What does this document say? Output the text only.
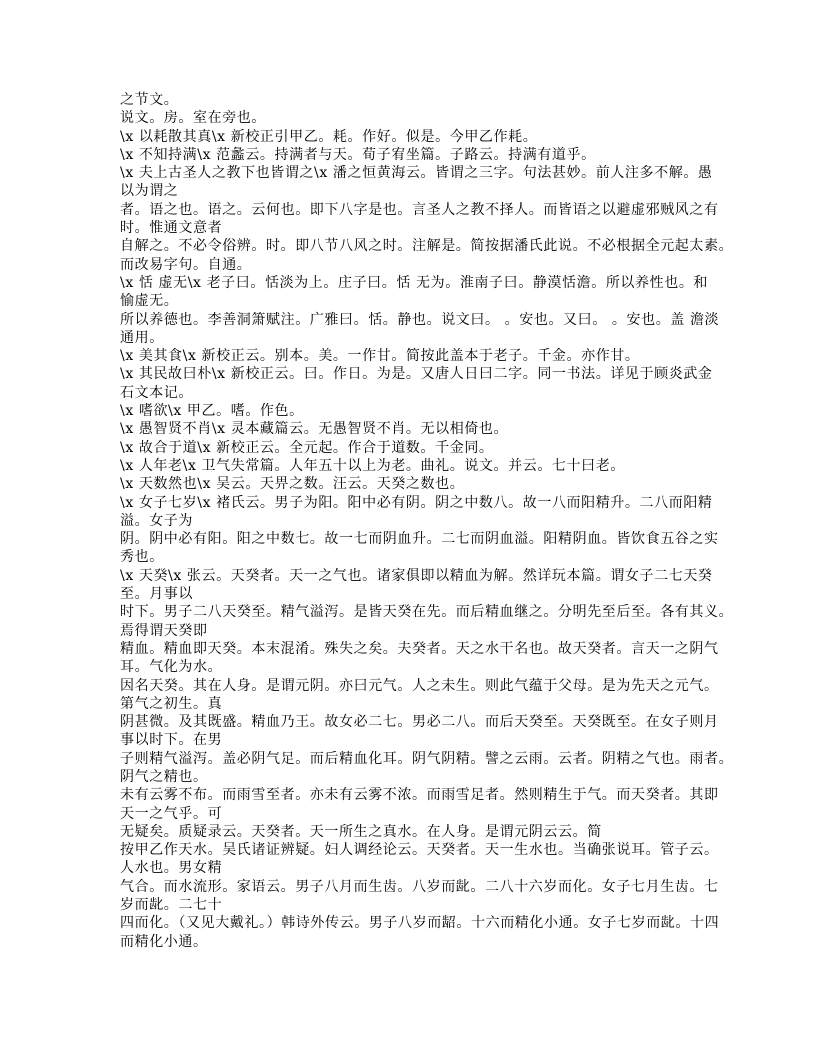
之节文。
说文。房。室在旁也。
\x 以耗散其真\x 新校正引甲乙。耗。作好。似是。今甲乙作耗。
\x 不知持满\x 范蠡云。持满者与天。荀子宥坐篇。子路云。持满有道乎。
\x 夫上古圣人之教下也皆谓之\x 潘之恒黄海云。皆谓之三字。句法甚妙。前人注多不解。愚
以为谓之
者。语之也。语之。云何也。即下八字是也。言圣人之教不择人。而皆语之以避虚邪贼风之有
时。惟通文意者
自解之。不必令俗辨。时。即八节八风之时。注解是。简按据潘氏此说。不必根据全元起太素。
而改易字句。自通。
\x 恬 虚无\x 老子曰。恬淡为上。庄子曰。恬 无为。淮南子曰。静漠恬澹。所以养性也。和
愉虚无。
所以养德也。李善洞箫赋注。广雅曰。恬。静也。说文曰。 。安也。又曰。 。安也。盖 澹淡
通用。
\x 美其食\x 新校正云。别本。美。一作甘。简按此盖本于老子。千金。亦作甘。
\x 其民故曰朴\x 新校正云。曰。作日。为是。又唐人日曰二字。同一书法。详见于顾炎武金
石文本记。
\x 嗜欲\x 甲乙。嗜。作色。
\x 愚智贤不肖\x 灵本藏篇云。无愚智贤不肖。无以相倚也。
\x 故合于道\x 新校正云。全元起。作合于道数。千金同。
\x 人年老\x 卫气失常篇。人年五十以上为老。曲礼。说文。并云。七十曰老。
\x 天数然也\x 吴云。天畀之数。汪云。天癸之数也。
\x 女子七岁\x 褚氏云。男子为阳。阳中必有阴。阴之中数八。故一八而阳精升。二八而阳精
溢。女子为
阴。阴中必有阳。阳之中数七。故一七而阴血升。二七而阴血溢。阳精阴血。皆饮食五谷之实
秀也。
\x 天癸\x 张云。天癸者。天一之气也。诸家俱即以精血为解。然详玩本篇。谓女子二七天癸
至。月事以
时下。男子二八天癸至。精气溢泻。是皆天癸在先。而后精血继之。分明先至后至。各有其义。
焉得谓天癸即
精血。精血即天癸。本末混淆。殊失之矣。夫癸者。天之水干名也。故天癸者。言天一之阴气
耳。气化为水。
因名天癸。其在人身。是谓元阴。亦曰元气。人之未生。则此气蕴于父母。是为先天之元气。
第气之初生。真
阴甚微。及其既盛。精血乃王。故女必二七。男必二八。而后天癸至。天癸既至。在女子则月
事以时下。在男
子则精气溢泻。盖必阴气足。而后精血化耳。阴气阴精。譬之云雨。云者。阴精之气也。雨者。
阴气之精也。
未有云雾不布。而雨雪至者。亦未有云雾不浓。而雨雪足者。然则精生于气。而天癸者。其即
天一之气乎。可
无疑矣。质疑录云。天癸者。天一所生之真水。在人身。是谓元阴云云。简
按甲乙作天水。吴氏诸证辨疑。妇人调经论云。天癸者。天一生水也。当确张说耳。管子云。
人水也。男女精
气合。而水流形。家语云。男子八月而生齿。八岁而龀。二八十六岁而化。女子七月生齿。七
岁而龀。二七十
四而化。（又见大戴礼。）韩诗外传云。男子八岁而龆。十六而精化小通。女子七岁而龀。十四
而精化小通。
